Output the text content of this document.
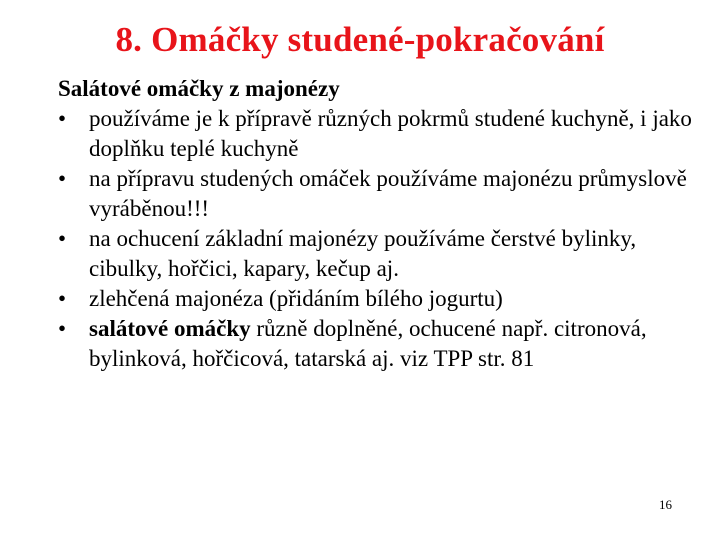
8. Omáčky studené-pokračování
Salátové omáčky z majonézy
• používáme je k přípravě různých pokrmů studené kuchyně, i jako doplňku teplé kuchyně
• na přípravu studených omáček používáme majonézu průmyslově vyráběnou!!!
• na ochucení základní majonézy používáme čerstvé bylinky, cibulky, hořčici, kapary, kečup aj.
• zlehčená majonéza (přidáním bílého jogurtu)
• salátové omáčky různě doplněné, ochucené např. citronová, bylinková, hořčicová, tatarská aj. viz TPP str. 81
16
